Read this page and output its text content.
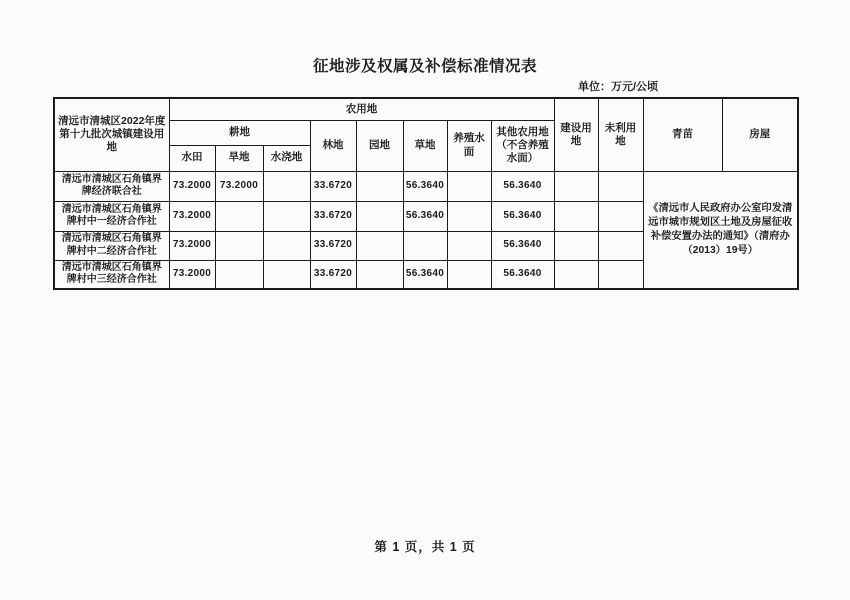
征地涉及权属及补偿标准情况表
单位：万元/公顷
清远市清城区2022年度第十九批次城镇建设用地	农用地								建设用地	未利用地	青苗	房屋
	耕地			林地	园地	草地	养殖水面	其他农用地（不含养殖水面）				
	水田	旱地	水浇地									
清远市清城区石角镇界牌经济联合社	73.2000	73.2000		33.6720		56.3640		56.3640			《清远市人民政府办公室印发清远市城市规划区土地及房屋征收补偿安置办法的通知》（清府办（2013）19号）	
清远市清城区石角镇界牌村中一经济合作社	73.2000			33.6720		56.3640		56.3640				
清远市清城区石角镇界牌村中二经济合作社	73.2000			33.6720				56.3640				
清远市清城区石角镇界牌村中三经济合作社	73.2000			33.6720		56.3640		56.3640				
第 1 页，共 1 页
